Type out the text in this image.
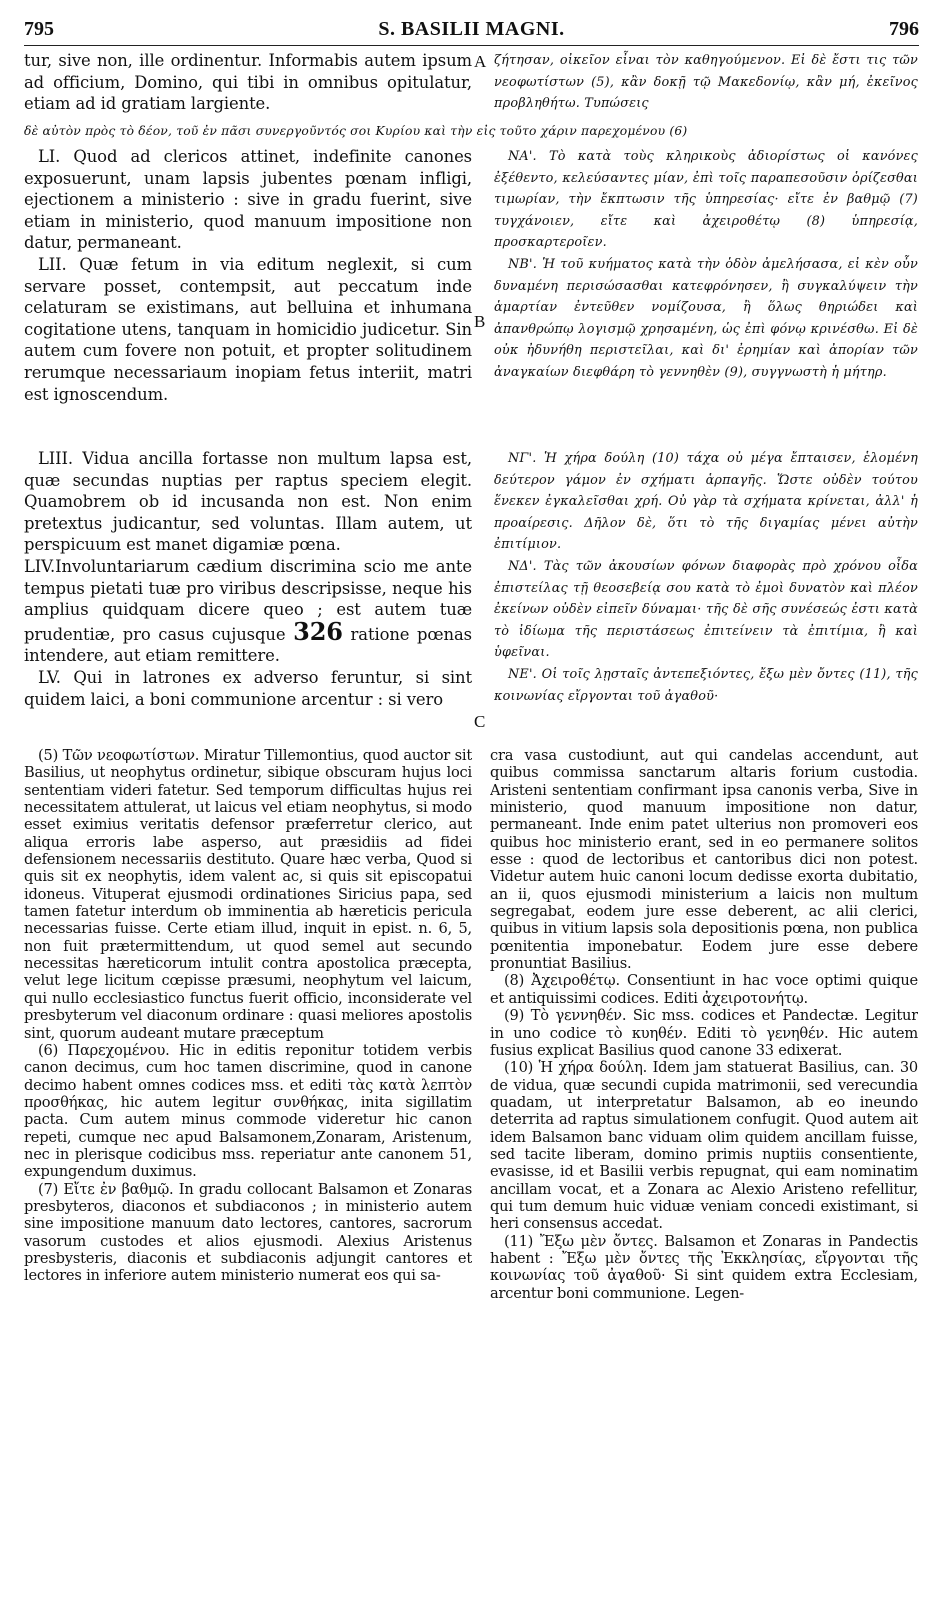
795	S. BASILII MAGNI.	796

tur, sive non, ille ordinentur. Informabis autem ipsum ad officium, Domino, qui tibi in omnibus opitulatur, etiam ad id gratiam largiente.

ζήτησαν, οἰκεῖον εἶναι τὸν καθηγούμενον. Εἰ δὲ ἔστι τις τῶν νεοφωτίστων (5), κἂν δοκῇ τῷ Μακεδονίῳ, κἂν μή, ἐκεῖνος προβληθήτω. Τυπώσεις

δὲ αὐτὸν πρὸς τὸ δέον, τοῦ ἐν πᾶσι συνεργοῦντός σοι Κυρίου καὶ τὴν εἰς τοῦτο χάριν παρεχομένου (6)

LI. Quod ad clericos attinet, indefinite canones exposuerunt, unam lapsis jubentes pœnam infligi, ejectionem a ministerio : sive in gradu fuerint, sive etiam in ministerio, quod manuum impositione non datur, permaneant.

LII. Quæ fetum in via editum neglexit, si cum servare posset, contempsit, aut peccatum inde celaturam se existimans, aut belluina et inhumana cogitatione utens, tanquam in homicidio judicetur. Sin autem cum fovere non potuit, et propter solitudinem rerumque necessariaum inopiam fetus interiit, matri est ignoscendum.

ΝΑ'. Τὸ κατὰ τοὺς κληρικοὺς ἀδιορίστως οἱ κανόνες ἐξέθεντο, κελεύσαντες μίαν, ἐπὶ τοῖς παραπεσοῦσιν ὁρίζεσθαι τιμωρίαν, τὴν ἔκπτωσιν τῆς ὑπηρεσίας· εἴτε ἐν βαθμῷ (7) τυγχάνοιεν, εἴτε καὶ ἀχειροθέτῳ (8) ὑπηρεσίᾳ, προσκαρτεροῖεν.

ΝΒ'. Ἡ τοῦ κυήματος κατὰ τὴν ὁδὸν ἀμελήσασα, εἰ κὲν οὖν δυναμένη περισώσασθαι κατεφρόνησεν, ἢ συγκαλύψειν τὴν ἁμαρτίαν ἐντεῦθεν νομίζουσα, ἢ ὅλως θηριώδει καὶ ἀπανθρώπῳ λογισμῷ χρησαμένη, ὡς ἐπὶ φόνῳ κρινέσθω. Εἰ δὲ οὐκ ἠδυνήθη περιστεῖλαι, καὶ δι' ἐρημίαν καὶ ἀπορίαν τῶν ἀναγκαίων διεφθάρη τὸ γεννηθὲν (9), συγγνωστὴ ἡ μήτηρ.

LIII. Vidua ancilla fortasse non multum lapsa est, quæ secundas nuptias per raptus speciem elegit. Quamobrem ob id incusanda non est. Non enim pretextus judicantur, sed voluntas. Illam autem, ut perspicuum est manet digamiæ pœna.

LIV.Involuntariarum cædium discrimina scio me ante tempus pietati tuæ pro viribus descripsisse, neque his amplius quidquam dicere queo ; est autem tuæ prudentiæ, pro casus cujusque 326 ratione pœnas intendere, aut etiam remittere.

LV. Qui in latrones ex adverso feruntur, si sint quidem laici, a boni communione arcentur : si vero

ΝΓ'. Ἡ χήρα δούλη (10) τάχα οὐ μέγα ἔπταισεν, ἑλομένη δεύτερον γάμον ἐν σχήματι ἁρπαγῆς. Ὥστε οὐδὲν τούτου ἕνεκεν ἐγκαλεῖσθαι χρή. Οὐ γὰρ τὰ σχήματα κρίνεται, ἀλλ' ἡ προαίρεσις. Δῆλον δὲ, ὅτι τὸ τῆς διγαμίας μένει αὐτὴν ἐπιτίμιον.

ΝΔ'. Τὰς τῶν ἀκουσίων φόνων διαφορὰς πρὸ χρόνου οἶδα ἐπιστείλας τῇ θεοσεβείᾳ σου κατὰ τὸ ἐμοὶ δυνατὸν καὶ πλέον ἐκείνων οὐδὲν εἰπεῖν δύναμαι· τῆς δὲ σῆς συνέσεώς ἐστι κατὰ τὸ ἰδίωμα τῆς περιστάσεως ἐπιτείνειν τὰ ἐπιτίμια, ἢ καὶ ὑφεῖναι.

ΝΕ'. Οἱ τοῖς λῃσταῖς ἀντεπεξιόντες, ἔξω μὲν ὄντες (11), τῆς κοινωνίας εἴργονται τοῦ ἀγαθοῦ·

A
B
C

(5) Τῶν νεοφωτίστων. Miratur Tillemontius, quod auctor sit Basilius, ut neophytus ordinetur, sibique obscuram hujus loci sententiam videri fatetur. Sed temporum difficultas hujus rei necessitatem attulerat, ut laicus vel etiam neophytus, si modo esset eximius veritatis defensor præferretur clerico, aut aliqua erroris labe asperso, aut præsidiis ad fidei defensionem necessariis destituto. Quare hæc verba, Quod si quis sit ex neophytis, idem valent ac, si quis sit episcopatui idoneus. Vituperat ejusmodi ordinationes Siricius papa, sed tamen fatetur interdum ob imminentia ab hæreticis pericula necessarias fuisse. Certe etiam illud, inquit in epist. n. 6, 5, non fuit prætermittendum, ut quod semel aut secundo necessitas hæreticorum intulit contra apostolica præcepta, velut lege licitum cœpisse præsumi, neophytum vel laicum, qui nullo ecclesiastico functus fuerit officio, inconsiderate vel presbyterum vel diaconum ordinare : quasi meliores apostolis sint, quorum audeant mutare præceptum

(6) Παρεχομένου. Hic in editis reponitur totidem verbis canon decimus, cum hoc tamen discrimine, quod in canone decimo habent omnes codices mss. et editi τὰς κατὰ λεπτὸν προσθήκας, hic autem legitur συνθήκας, inita sigillatim pacta. Cum autem minus commode videretur hic canon repeti, cumque nec apud Balsamonem,Zonaram, Aristenum, nec in plerisque codicibus mss. reperiatur ante canonem 51, expungendum duximus.

(7) Εἴτε ἐν βαθμῷ. In gradu collocant Balsamon et Zonaras presbyteros, diaconos et subdiaconos ; in ministerio autem sine impositione manuum dato lectores, cantores, sacrorum vasorum custodes et alios ejusmodi. Alexius Aristenus presbysteris, diaconis et subdiaconis adjungit cantores et lectores in inferiore autem ministerio numerat eos qui sa-

cra vasa custodiunt, aut qui candelas accendunt, aut quibus commissa sanctarum altaris forium custodia. Aristeni sententiam confirmant ipsa canonis verba, Sive in ministerio, quod manuum impositione non datur, permaneant. Inde enim patet ulterius non promoveri eos quibus hoc ministerio erant, sed in eo permanere solitos esse : quod de lectoribus et cantoribus dici non potest. Videtur autem huic canoni locum dedisse exorta dubitatio, an ii, quos ejusmodi ministerium a laicis non multum segregabat, eodem jure esse deberent, ac alii clerici, quibus in vitium lapsis sola depositionis pœna, non publica pœnitentia imponebatur. Eodem jure esse debere pronuntiat Basilius.

(8) Ἀχειροθέτῳ. Consentiunt in hac voce optimi quique et antiquissimi codices. Editi ἀχειροτονήτῳ.

(9) Τὸ γεννηθέν. Sic mss. codices et Pandectæ. Legitur in uno codice τὸ κυηθέν. Editi τὸ γενηθέν. Hic autem fusius explicat Basilius quod canone 33 edixerat.

(10) Ἡ χήρα δούλη. Idem jam statuerat Basilius, can. 30 de vidua, quæ secundi cupida matrimonii, sed verecundia quadam, ut interpretatur Balsamon, ab eo ineundo deterrita ad raptus simulationem confugit. Quod autem ait idem Balsamon banc viduam olim quidem ancillam fuisse, sed tacite liberam, domino primis nuptiis consentiente, evasisse, id et Basilii verbis repugnat, qui eam nominatim ancillam vocat, et a Zonara ac Alexio Aristeno refellitur, qui tum demum huic viduæ veniam concedi existimant, si heri consensus accedat.

(11) Ἔξω μὲν ὄντες. Balsamon et Zonaras in Pandectis habent : Ἔξω μὲν ὄντες τῆς Ἐκκλησίας, εἴργονται τῆς κοινωνίας τοῦ ἀγαθοῦ· Si sint quidem extra Ecclesiam, arcentur boni communione. Legen-
